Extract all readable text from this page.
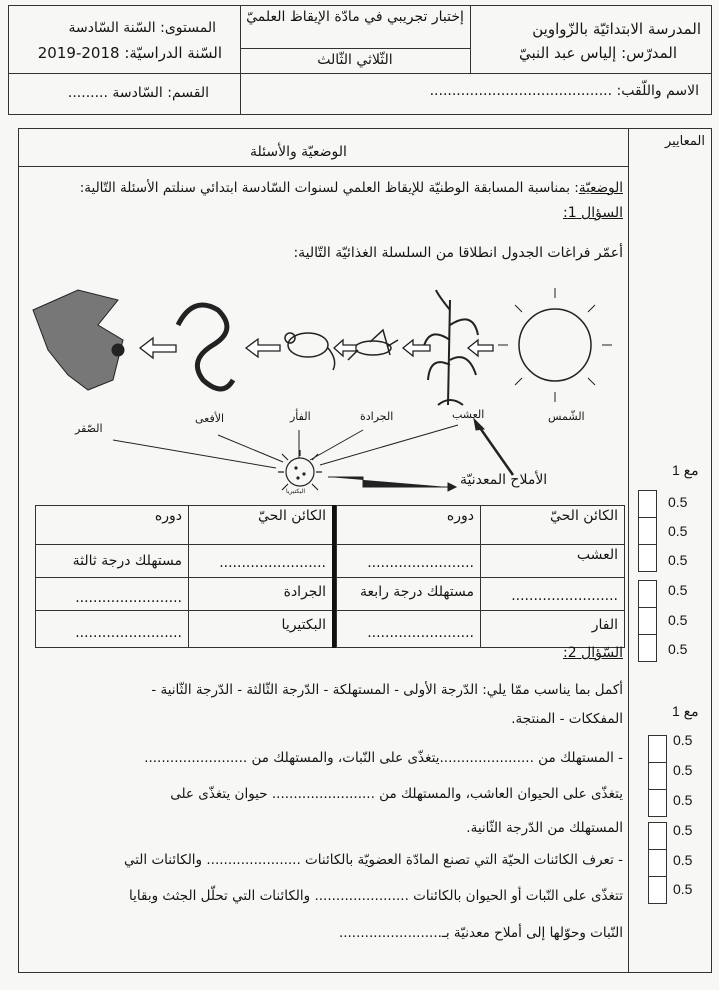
المدرسة الابتدائيّة بالزّواوين
المدرّس: إلياس عبد النبيّ
إختبار تجريبي في مادّة الإيقاظ العلميّ
الثّلاثي الثّالث
المستوى: السّنة السّادسة
السّنة الدراسيّة: 2018-2019
الاسم واللّقب: .........................................
القسم: السّادسة .........
المعايير
الوضعيّة والأسئلة
الوضعيّة: بمناسبة المسابقة الوطنيّة للإيقاظ العلمي لسنوات السّادسة ابتدائي سنلتم الأسئلة التّالية:
السؤال 1:
أعمّر فراغات الجدول انطلاقا من السلسلة الغذائيّة التّالية:
الشّمس
العشب
الجرادة
الفأر
الأفعى
الصّقر
البكتيريا
الأملاح المعدنيّة
الكائن الحيّ
دوره
الكائن الحيّ
دوره
العشب
........................
........................
مستهلك درجة ثالثة
........................
مستهلك درجة رابعة
الجرادة
........................
الفار
........................
البكتيريا
........................
السّؤال 2:
أكمل بما يناسب ممّا يلي: الدّرجة الأولى - المستهلكة - الدّرجة الثّالثة - الدّرجة الثّانية -
المفككات - المنتجة.
- المستهلك من ......................يتغذّى على النّبات، والمستهلك من ........................
يتغذّى على الحيوان العاشب، والمستهلك من ........................ حيوان يتغذّى على
المستهلك من الدّرجة الثّانية.
- تعرف الكائنات الحيّة التي تصنع المادّة العضويّة بالكائنات ...................... والكائنات التي
تتغذّى على النّبات أو الحيوان بالكائنات ...................... والكائنات التي تحلّل الجثث وبقايا
النّبات وحوّلها إلى أملاح معدنيّة بـ........................
مع 1
0.5
0.5
0.5
0.5
0.5
0.5
مع 1
0.5
0.5
0.5
0.5
0.5
0.5
